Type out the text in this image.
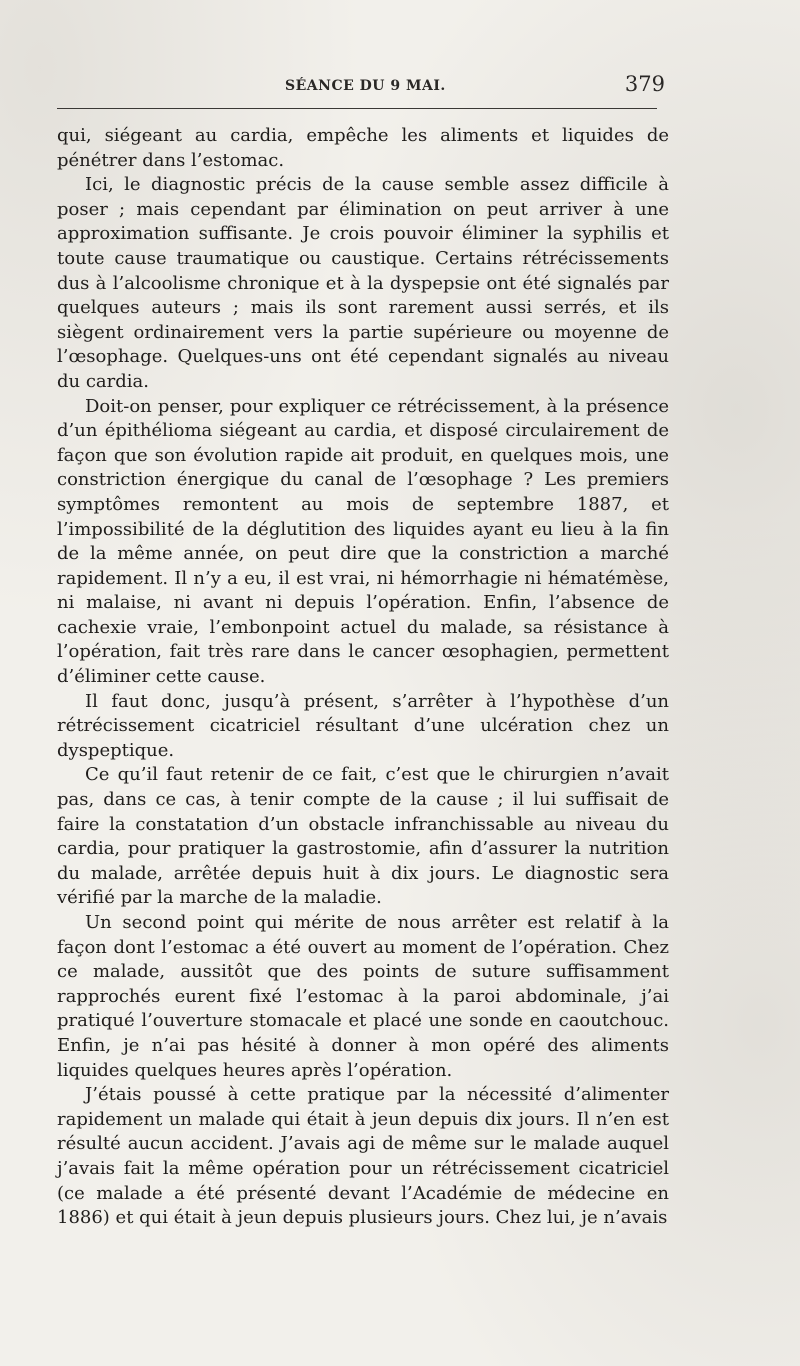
SÉANCE DU 9 MAI.	379

qui, siégeant au cardia, empêche les aliments et liquides de pénétrer dans l’estomac.

Ici, le diagnostic précis de la cause semble assez difficile à poser ; mais cependant par élimination on peut arriver à une approximation suffisante. Je crois pouvoir éliminer la syphilis et toute cause traumatique ou caustique. Certains rétrécissements dus à l’alcoolisme chronique et à la dyspepsie ont été signalés par quelques auteurs ; mais ils sont rarement aussi serrés, et ils siègent ordinairement vers la partie supérieure ou moyenne de l’œsophage. Quelques-uns ont été cependant signalés au niveau du cardia.

Doit-on penser, pour expliquer ce rétrécissement, à la présence d’un épithélioma siégeant au cardia, et disposé circulairement de façon que son évolution rapide ait produit, en quelques mois, une constriction énergique du canal de l’œsophage ? Les premiers symptômes remontent au mois de septembre 1887, et l’impossibilité de la déglutition des liquides ayant eu lieu à la fin de la même année, on peut dire que la constriction a marché rapidement. Il n’y a eu, il est vrai, ni hémorrhagie ni hématémèse, ni malaise, ni avant ni depuis l’opération. Enfin, l’absence de cachexie vraie, l’embonpoint actuel du malade, sa résistance à l’opération, fait très rare dans le cancer œsophagien, permettent d’éliminer cette cause.

Il faut donc, jusqu’à présent, s’arrêter à l’hypothèse d’un rétrécissement cicatriciel résultant d’une ulcération chez un dyspeptique.

Ce qu’il faut retenir de ce fait, c’est que le chirurgien n’avait pas, dans ce cas, à tenir compte de la cause ; il lui suffisait de faire la constatation d’un obstacle infranchissable au niveau du cardia, pour pratiquer la gastrostomie, afin d’assurer la nutrition du malade, arrêtée depuis huit à dix jours. Le diagnostic sera vérifié par la marche de la maladie.

Un second point qui mérite de nous arrêter est relatif à la façon dont l’estomac a été ouvert au moment de l’opération. Chez ce malade, aussitôt que des points de suture suffisamment rapprochés eurent fixé l’estomac à la paroi abdominale, j’ai pratiqué l’ouverture stomacale et placé une sonde en caoutchouc. Enfin, je n’ai pas hésité à donner à mon opéré des aliments liquides quelques heures après l’opération.

J’étais poussé à cette pratique par la nécessité d’alimenter rapidement un malade qui était à jeun depuis dix jours. Il n’en est résulté aucun accident. J’avais agi de même sur le malade auquel j’avais fait la même opération pour un rétrécissement cicatriciel (ce malade a été présenté devant l’Académie de médecine en 1886) et qui était à jeun depuis plusieurs jours. Chez lui, je n’avais
